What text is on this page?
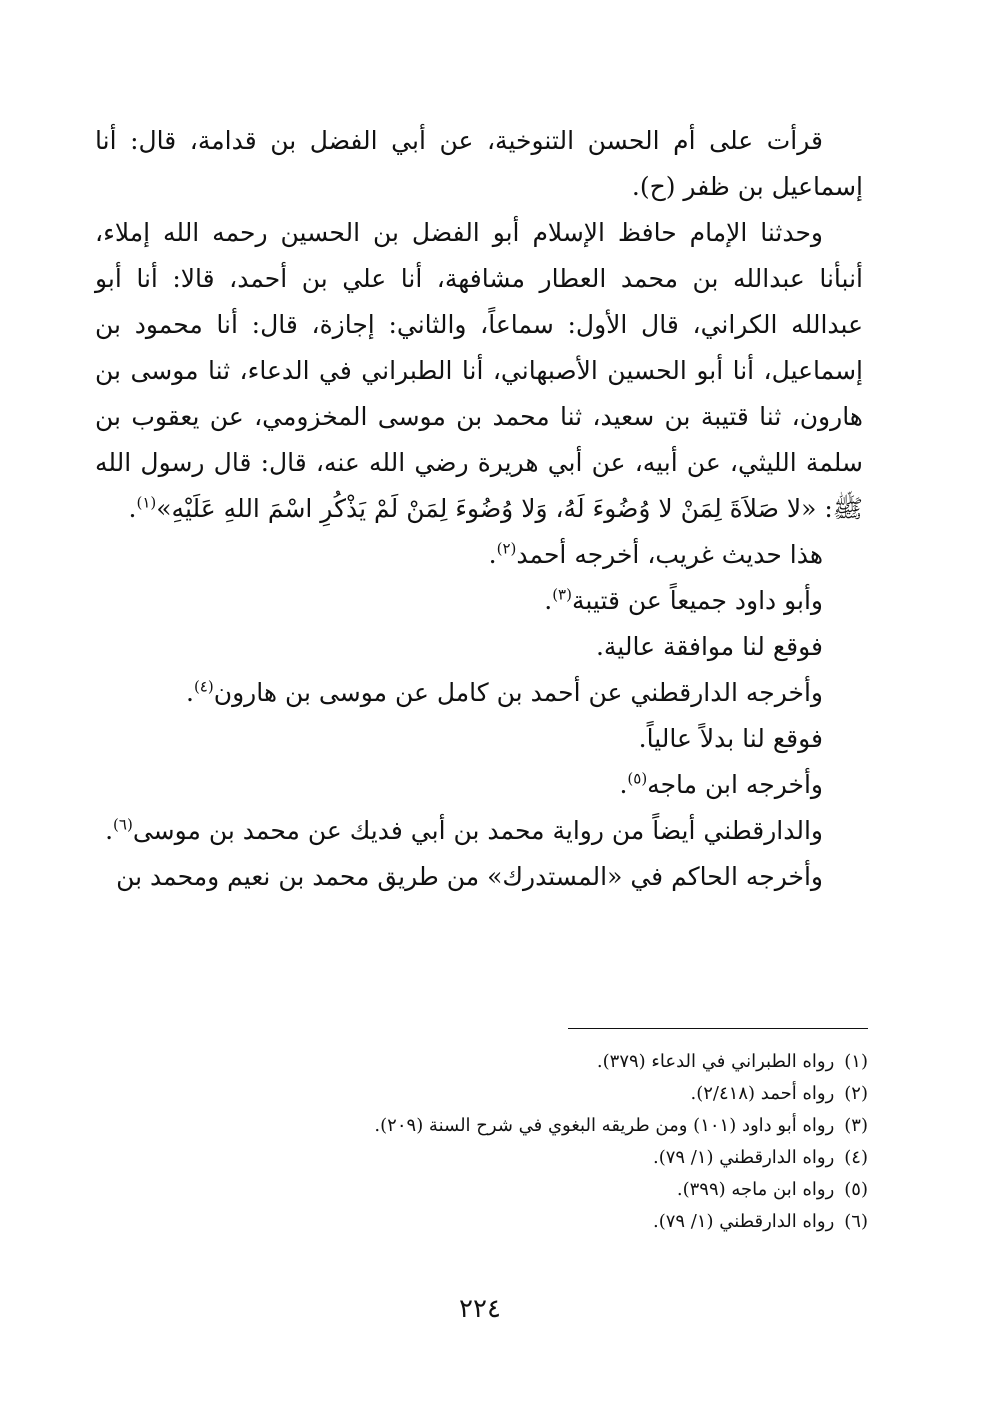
قرأت على أم الحسن التنوخية، عن أبي الفضل بن قدامة، قال: أنا إسماعيل بن ظفر (ح).

وحدثنا الإمام حافظ الإسلام أبو الفضل بن الحسين رحمه الله إملاء، أنبأنا عبدالله بن محمد العطار مشافهة، أنا علي بن أحمد، قالا: أنا أبو عبدالله الكراني، قال الأول: سماعاً، والثاني: إجازة، قال: أنا محمود بن إسماعيل، أنا أبو الحسين الأصبهاني، أنا الطبراني في الدعاء، ثنا موسى بن هارون، ثنا قتيبة بن سعيد، ثنا محمد بن موسى المخزومي، عن يعقوب بن سلمة الليثي، عن أبيه، عن أبي هريرة رضي الله عنه، قال: قال رسول الله ﷺ: «لا صَلاَةَ لِمَنْ لا وُضُوءَ لَهُ، وَلا وُضُوءَ لِمَنْ لَمْ يَذْكُرِ اسْمَ اللهِ عَلَيْهِ»$^{(١)}$.

هذا حديث غريب، أخرجه أحمد$^{(٢)}$.

وأبو داود جميعاً عن قتيبة$^{(٣)}$.

فوقع لنا موافقة عالية.

وأخرجه الدارقطني عن أحمد بن كامل عن موسى بن هارون$^{(٤)}$.

فوقع لنا بدلاً عالياً.

وأخرجه ابن ماجه$^{(٥)}$.

والدارقطني أيضاً من رواية محمد بن أبي فديك عن محمد بن موسى$^{(٦)}$.

وأخرجه الحاكم في «المستدرك» من طريق محمد بن نعيم ومحمد بن

(١)رواه الطبراني في الدعاء (٣٧٩).

(٢)رواه أحمد (٢/٤١٨).

(٣)رواه أبو داود (١٠١) ومن طريقه البغوي في شرح السنة (٢٠٩).

(٤)رواه الدارقطني (١/ ٧٩).

(٥)رواه ابن ماجه (٣٩٩).

(٦)رواه الدارقطني (١/ ٧٩).

٢٢٤
